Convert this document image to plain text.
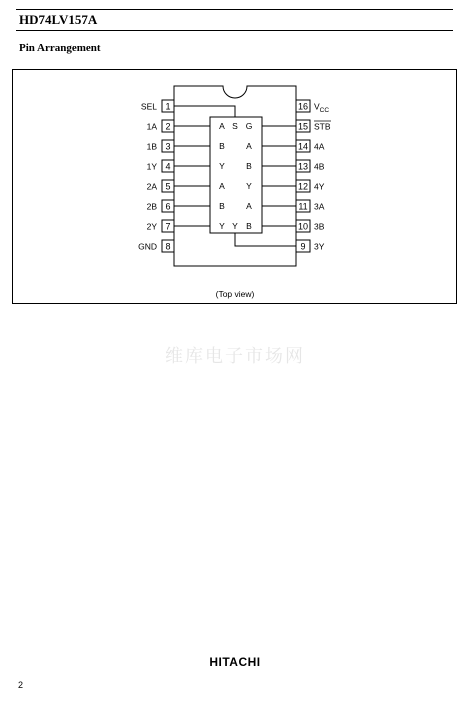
HD74LV157A
Pin Arrangement
1
SEL
2
1A
3
1B
4
1Y
5
2A
6
2B
7
2Y
8
GND
16 $V_{CC}$
15 STB
14 4A
13 4B
12 4Y
11 3A
10 3B
9 3Y
A S G
B	A
Y	B
A	Y
B	A
Y Y B
(Top view)
维库电子市场网
HITACHI
2
